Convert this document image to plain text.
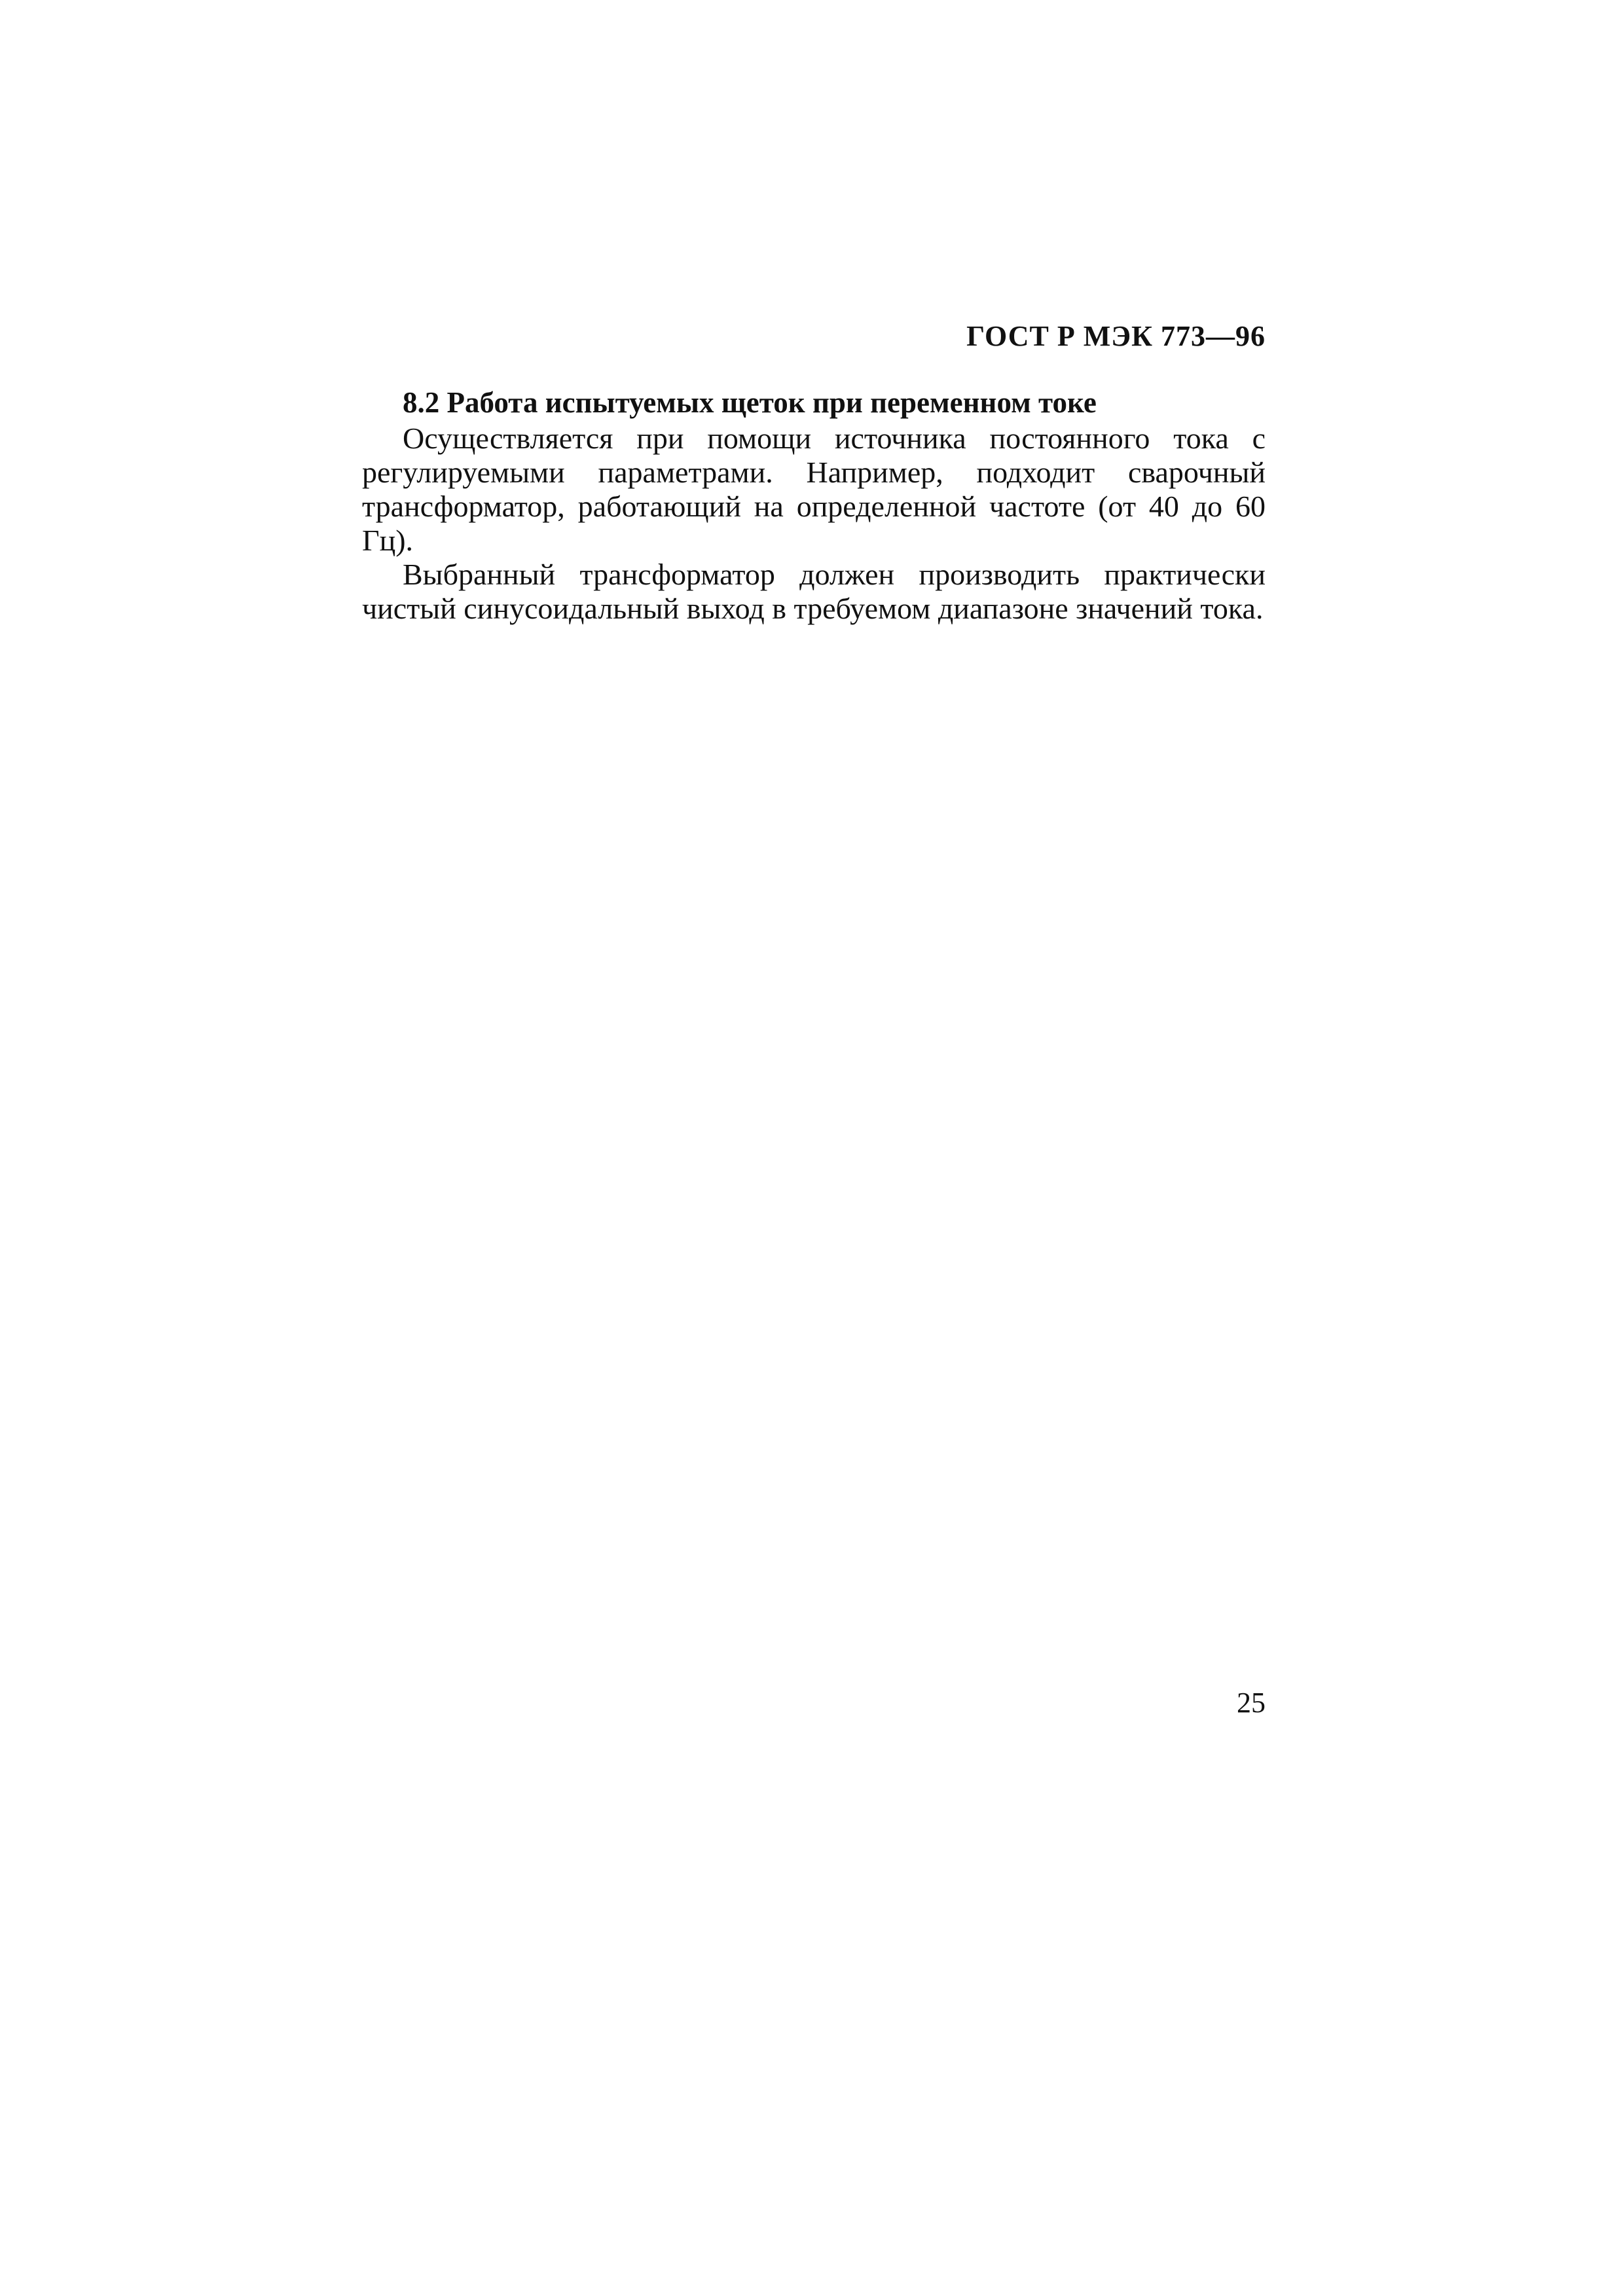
ГОСТ Р МЭК 773—96
8.2 Работа испытуемых щеток при переменном токе

Осуществляется при помощи источника постоянного тока с регулируемыми параметрами. Например, подходит сварочный трансформатор, работающий на определенной частоте (от 40 до 60 Гц).

Выбранный трансформатор должен производить практически чистый синусоидальный выход в требуемом диапазоне значений тока.

25
